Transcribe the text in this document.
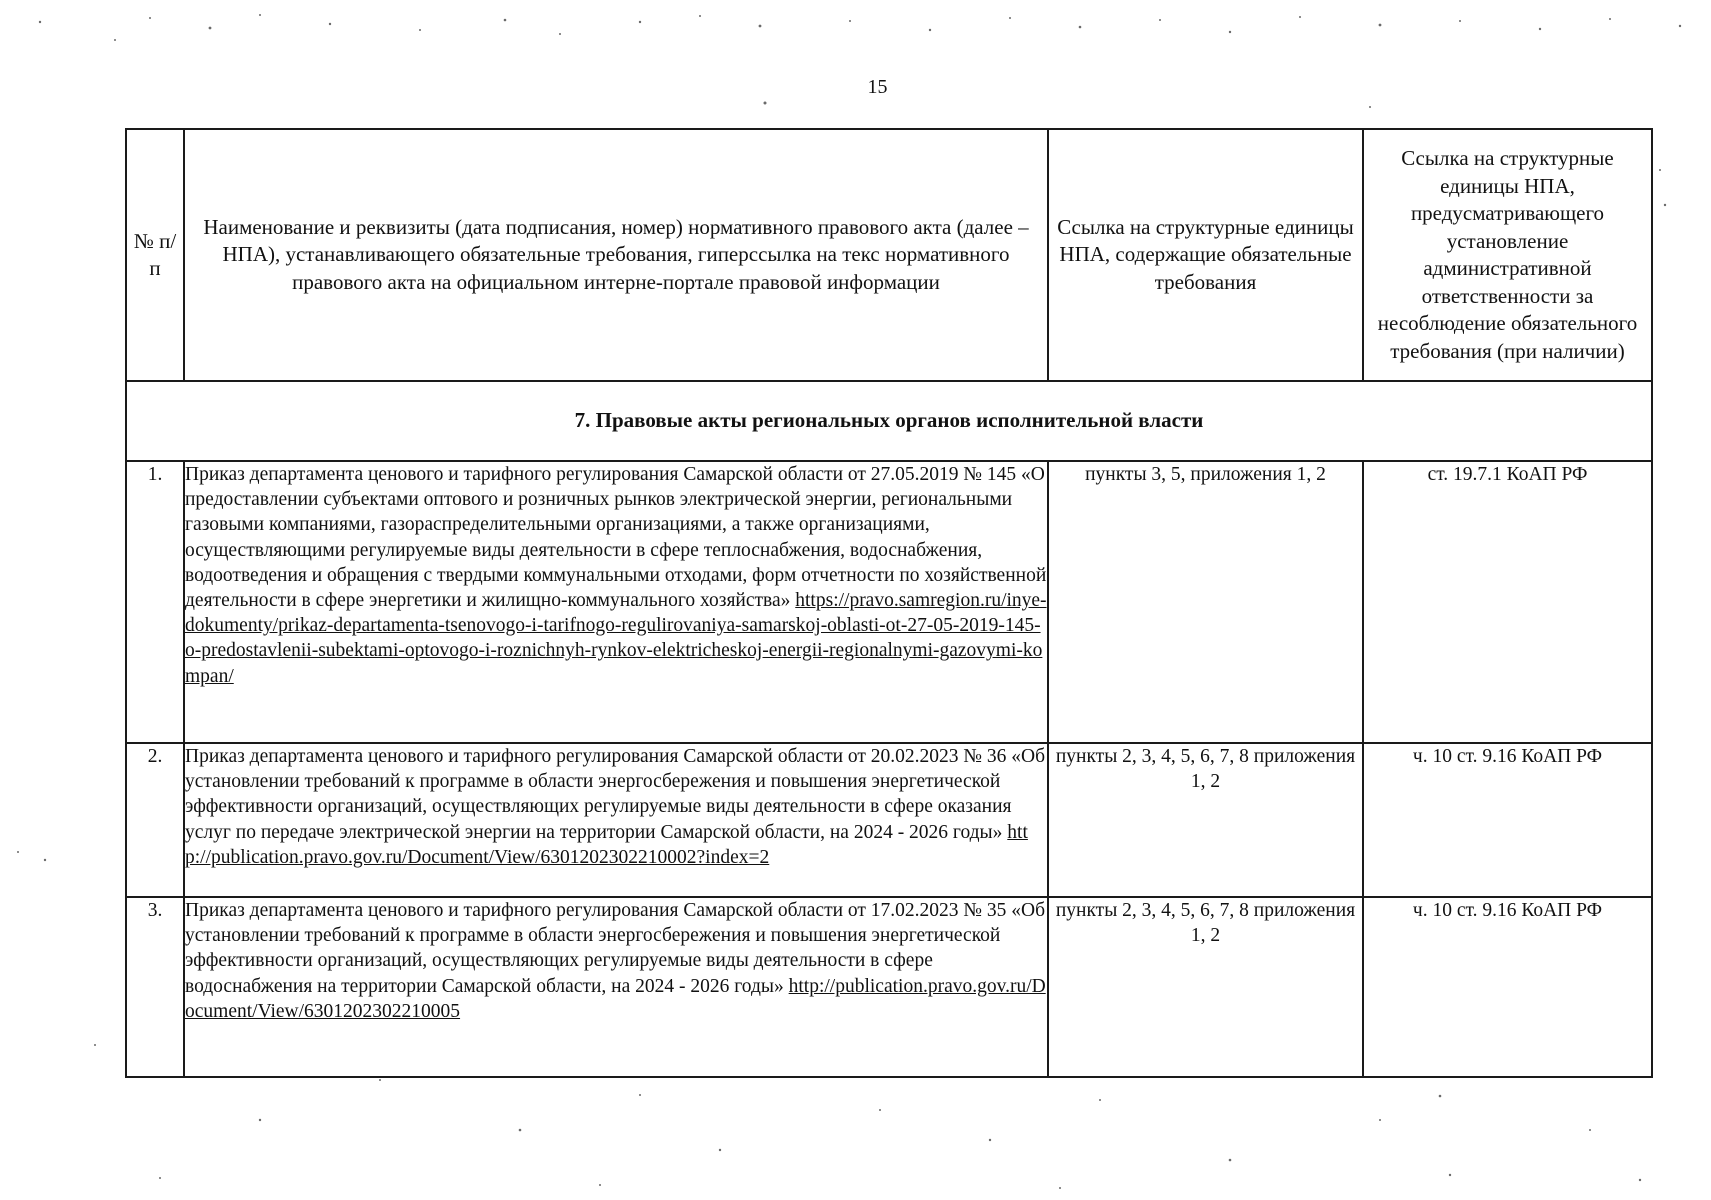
15
№ п/п	Наименование и реквизиты (дата подписания, номер) нормативного правового акта (далее – НПА), устанавливающего обязательные требования, гиперссылка на текс нормативного правового акта на официальном интерне-портале правовой информации	Ссылка на структурные единицы НПА, содержащие обязательные требования	Ссылка на структурные единицы НПА, предусматривающего установление административной ответственности за несоблюдение обязательного требования (при наличии)
7. Правовые акты региональных органов исполнительной власти			
1.	Приказ департамента ценового и тарифного регулирования Самарской области от 27.05.2019 № 145 «О предоставлении субъектами оптового и розничных рынков электрической энергии, региональными газовыми компаниями, газораспределительными организациями, а также организациями, осуществляющими регулируемые виды деятельности в сфере теплоснабжения, водоснабжения, водоотведения и обращения с твердыми коммунальными отходами, форм отчетности по хозяйственной деятельности в сфере энергетики и жилищно-коммунального хозяйства» https://pravo.samregion.ru/inye-dokumenty/prikaz-departamenta-tsenovogo-i-tarifnogo-regulirovaniya-samarskoj-oblasti-ot-27-05-2019-145-o-predostavlenii-subektami-optovogo-i-roznichnyh-rynkov-elektricheskoj-energii-regionalnymi-gazovymi-kompan/	пункты 3, 5, приложения 1, 2	ст. 19.7.1 КоАП РФ
2.	Приказ департамента ценового и тарифного регулирования Самарской области от 20.02.2023 № 36 «Об установлении требований к программе в области энергосбережения и повышения энергетической эффективности организаций, осуществляющих регулируемые виды деятельности в сфере оказания услуг по передаче электрической энергии на территории Самарской области, на 2024 - 2026 годы» http://publication.pravo.gov.ru/Document/View/6301202302210002?index=2	пункты 2, 3, 4, 5, 6, 7, 8 приложения 1, 2	ч. 10 ст. 9.16 КоАП РФ
3.	Приказ департамента ценового и тарифного регулирования Самарской области от 17.02.2023 № 35 «Об установлении требований к программе в области энергосбережения и повышения энергетической эффективности организаций, осуществляющих регулируемые виды деятельности в сфере водоснабжения на территории Самарской области, на 2024 - 2026 годы» http://publication.pravo.gov.ru/Document/View/6301202302210005	пункты 2, 3, 4, 5, 6, 7, 8 приложения 1, 2	ч. 10 ст. 9.16 КоАП РФ
